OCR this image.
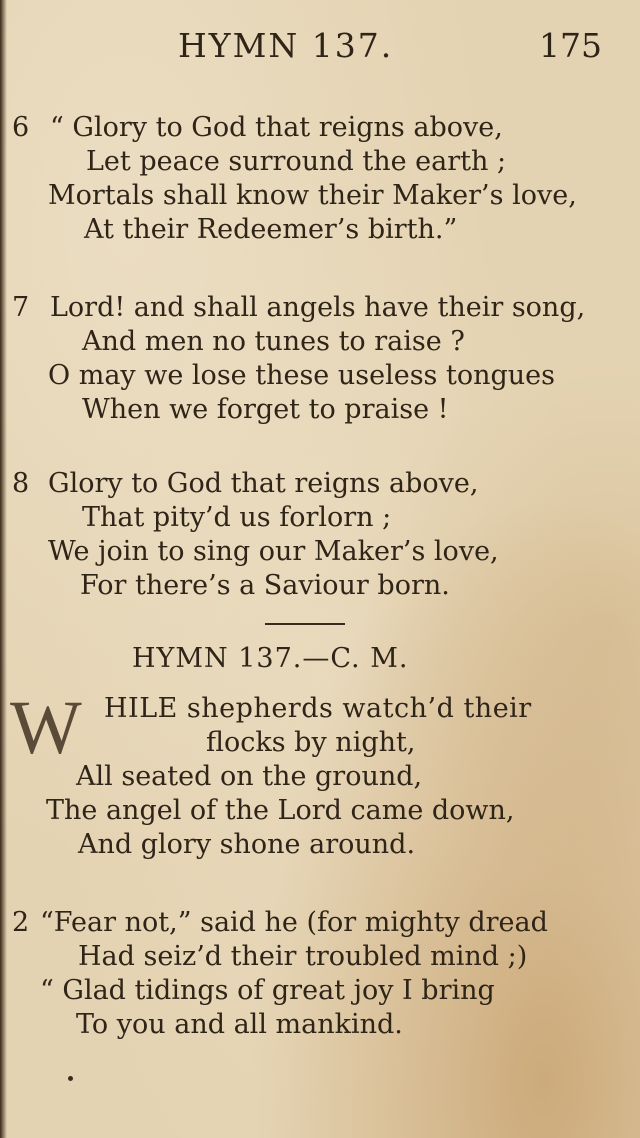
HYMN 137.	175
6 “ Glory to God that reigns above,
Let peace surround the earth ;
Mortals shall know their Maker’s love,
At their Redeemer’s birth.”
7 Lord! and shall angels have their song,
And men no tunes to raise ?
O may we lose these useless tongues
When we forget to praise !
8 Glory to God that reigns above,
That pity’d us forlorn ;
We join to sing our Maker’s love,
For there’s a Saviour born.
HYMN 137.—C. M.
W HILE shepherds watch’d their
flocks by night,
All seated on the ground,
The angel of the Lord came down,
And glory shone around.
2 “Fear not,” said he (for mighty dread
Had seiz’d their troubled mind ;)
“ Glad tidings of great joy I bring
To you and all mankind.
